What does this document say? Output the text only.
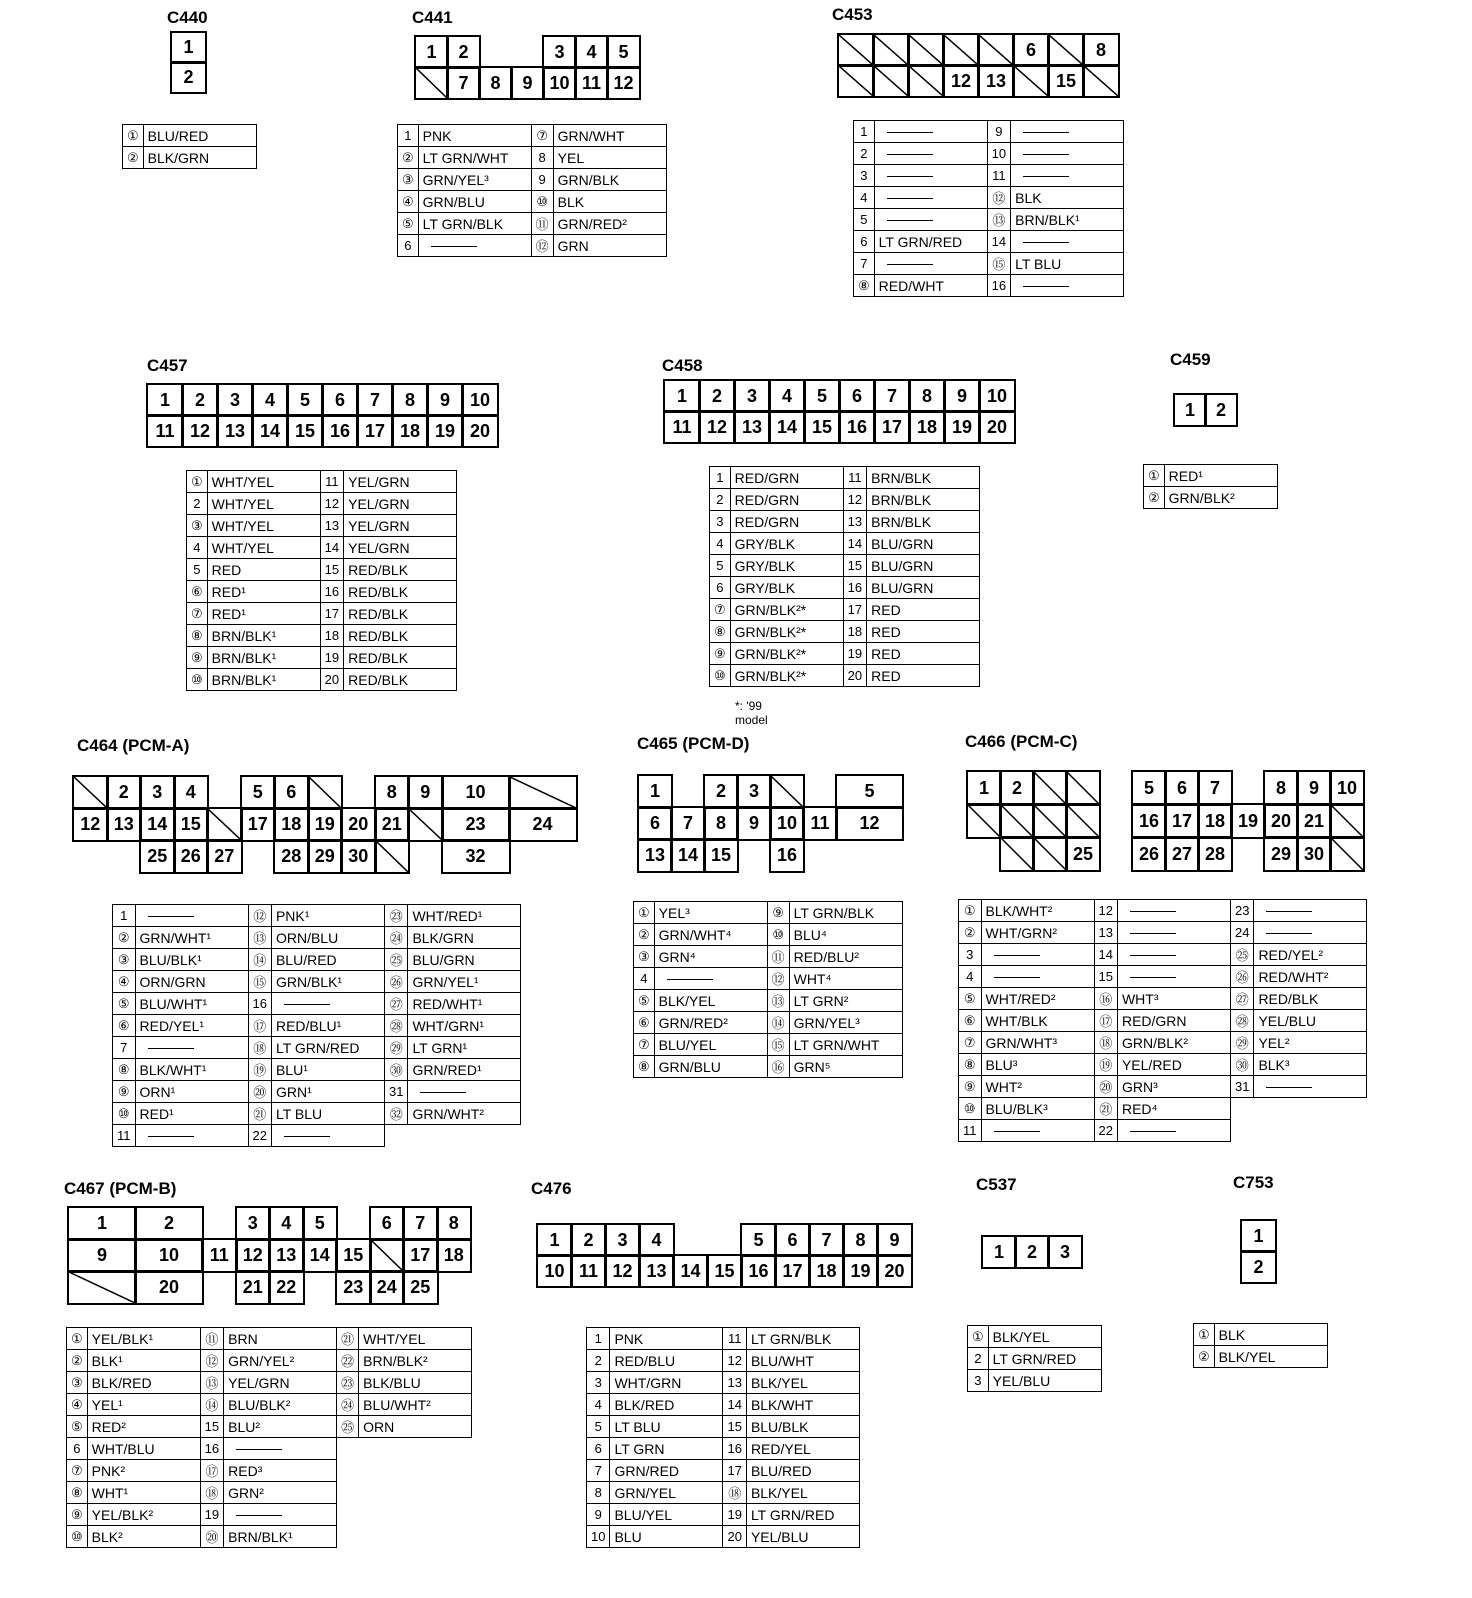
C440
1
2
①	BLU/RED
②	BLK/GRN
C441
1 2
7 8 9
3 4 5
10 11 12
1	PNK	⑦	GRN/WHT
②	LT GRN/WHT	8	YEL
③	GRN/YEL³	9	GRN/BLK
④	GRN/BLU	⑩	BLK
⑤	LT GRN/BLK	⑪	GRN/RED²
6		⑫	GRN
C453
6	8
12 13	15
1		9	
2		10	
3		11	
4		⑫	BLK
5		⑬	BRN/BLK¹
6	LT GRN/RED	14	
7		⑮	LT BLU
⑧	RED/WHT	16	
C457
1 2 3 4 5 6 7 8 9 10
11 12 13 14 15 16 17 18 19 20
①	WHT/YEL	11	YEL/GRN
2	WHT/YEL	12	YEL/GRN
③	WHT/YEL	13	YEL/GRN
4	WHT/YEL	14	YEL/GRN
5	RED	15	RED/BLK
⑥	RED¹	16	RED/BLK
⑦	RED¹	17	RED/BLK
⑧	BRN/BLK¹	18	RED/BLK
⑨	BRN/BLK¹	19	RED/BLK
⑩	BRN/BLK¹	20	RED/BLK
C458
1 2 3 4 5 6 7 8 9 10
11 12 13 14 15 16 17 18 19 20
1	RED/GRN	11	BRN/BLK
2	RED/GRN	12	BRN/BLK
3	RED/GRN	13	BRN/BLK
4	GRY/BLK	14	BLU/GRN
5	GRY/BLK	15	BLU/GRN
6	GRY/BLK	16	BLU/GRN
⑦	GRN/BLK²*	17	RED
⑧	GRN/BLK²*	18	RED
⑨	GRN/BLK²*	19	RED
⑩	GRN/BLK²*	20	RED
*: '99 model
C459
1 2
①	RED¹
②	GRN/BLK²
C464 (PCM-A)
2 3 4	5 6	8 9 10
12 13 14 15	17 18 19 20 21	23	24
25 26 27	28 29 30	32
1		⑫	PNK¹	㉓	WHT/RED¹
②	GRN/WHT¹	⑬	ORN/BLU	㉔	BLK/GRN
③	BLU/BLK¹	⑭	BLU/RED	㉕	BLU/GRN
④	ORN/GRN	⑮	GRN/BLK¹	㉖	GRN/YEL¹
⑤	BLU/WHT¹	16		㉗	RED/WHT¹
⑥	RED/YEL¹	⑰	RED/BLU¹	㉘	WHT/GRN¹
7		⑱	LT GRN/RED	㉙	LT GRN¹
⑧	BLK/WHT¹	⑲	BLU¹	㉚	GRN/RED¹
⑨	ORN¹	⑳	GRN¹	31	
⑩	RED¹	㉑	LT BLU	㉜	GRN/WHT²
11		22			
C465 (PCM-D)
1	2 3	5
6 7 8 9 10 11 12
13 14 15	16
①	YEL³	⑨	LT GRN/BLK
②	GRN/WHT⁴	⑩	BLU⁴
③	GRN⁴	⑪	RED/BLU²
4		⑫	WHT⁴
⑤	BLK/YEL	⑬	LT GRN²
⑥	GRN/RED²	⑭	GRN/YEL³
⑦	BLU/YEL	⑮	LT GRN/WHT
⑧	GRN/BLU	⑯	GRN⁵
C466 (PCM-C)
1 2	5 6 7	8 9 10
16 17 18 19 20 21
25	26 27 28	29 30
①	BLK/WHT²	12		23	
②	WHT/GRN²	13		24	
3		14		㉕	RED/YEL²
4		15		㉖	RED/WHT²
⑤	WHT/RED²	⑯	WHT³	㉗	RED/BLK
⑥	WHT/BLK	⑰	RED/GRN	㉘	YEL/BLU
⑦	GRN/WHT³	⑱	GRN/BLK²	㉙	YEL²
⑧	BLU³	⑲	YEL/RED	㉚	BLK³
⑨	WHT²	⑳	GRN³	31	
⑩	BLU/BLK³	㉑	RED⁴		
11		22			
C467 (PCM-B)
1	2	3 4 5	6 7 8
9	10 11 12 13 14 15	17 18
20	21 22	23 24 25
①	YEL/BLK¹	⑪	BRN	㉑	WHT/YEL
②	BLK¹	⑫	GRN/YEL²	㉒	BRN/BLK²
③	BLK/RED	⑬	YEL/GRN	㉓	BLK/BLU
④	YEL¹	⑭	BLU/BLK²	㉔	BLU/WHT²
⑤	RED²	15	BLU²	㉕	ORN
6	WHT/BLU	16			
⑦	PNK²	⑰	RED³		
⑧	WHT¹	⑱	GRN²		
⑨	YEL/BLK²	19			
⑩	BLK²	⑳	BRN/BLK¹		
C476
1 2 3 4	5 6 7 8 9
10 11 12 13 14 15 16 17 18 19 20
1	PNK	11	LT GRN/BLK
2	RED/BLU	12	BLU/WHT
3	WHT/GRN	13	BLK/YEL
4	BLK/RED	14	BLK/WHT
5	LT BLU	15	BLU/BLK
6	LT GRN	16	RED/YEL
7	GRN/RED	17	BLU/RED
8	GRN/YEL	⑱	BLK/YEL
9	BLU/YEL	19	LT GRN/RED
10	BLU	20	YEL/BLU
C537
1 2 3
①	BLK/YEL
2	LT GRN/RED
3	YEL/BLU
C753
1
2
①	BLK
②	BLK/YEL
